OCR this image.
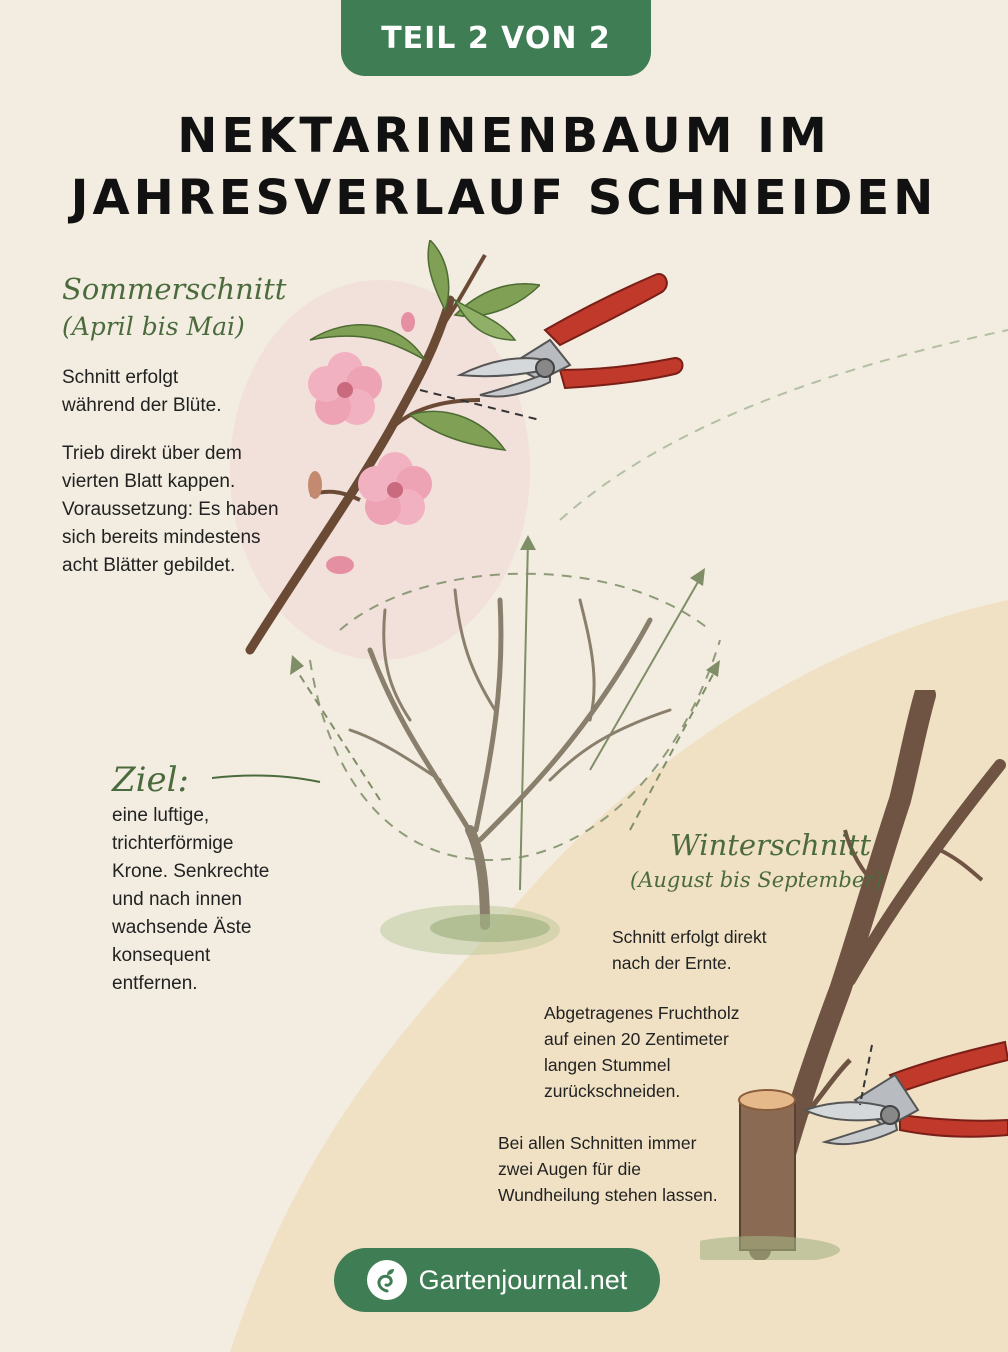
TEIL 2 VON 2
NEKTARINENBAUM IM
JAHRESVERLAUF SCHNEIDEN
Sommerschnitt
(April bis Mai)
Schnitt erfolgt
während der Blüte.
Trieb direkt über dem
vierten Blatt kappen.
Voraussetzung: Es haben
sich bereits mindestens
acht Blätter gebildet.
Ziel:
eine luftige,
trichterförmige
Krone. Senkrechte
und nach innen
wachsende Äste
konsequent
entfernen.
Winterschnitt
(August bis September)
Schnitt erfolgt direkt
nach der Ernte.
Abgetragenes Fruchtholz
auf einen 20 Zentimeter
langen Stummel
zurückschneiden.
Bei allen Schnitten immer
zwei Augen für die
Wundheilung stehen lassen.
Gartenjournal.net
